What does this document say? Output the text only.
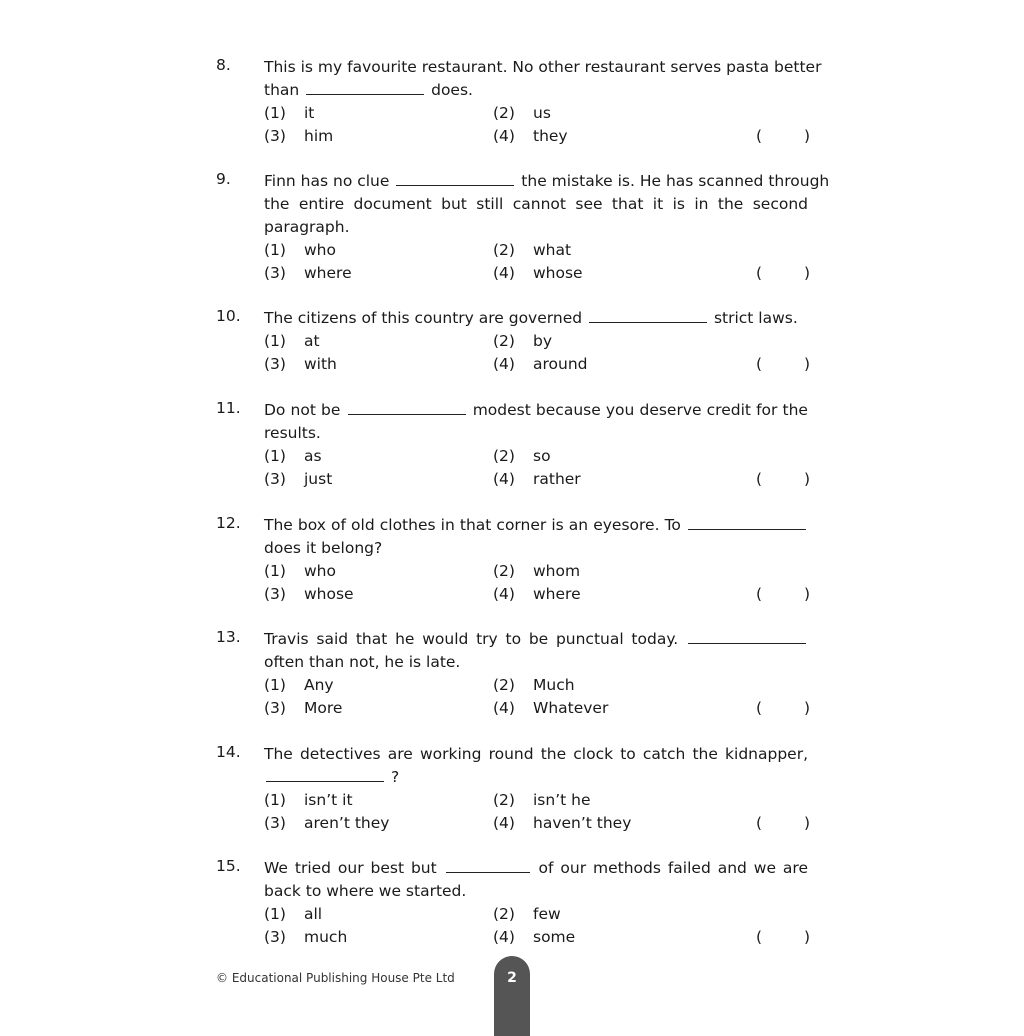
8.	This is my favourite restaurant. No other restaurant serves pasta better
than	does.
(1) it	(2) us
(3) him	(4) they	(	)
9.	Finn has no clue	the mistake is. He has scanned through
the entire document but still cannot see that it is in the second
paragraph.
(1) who	(2) what
(3) where	(4) whose	(	)
10.	The citizens of this country are governed	strict laws.
(1) at	(2) by
(3) with	(4) around	(	)
11.	Do not be	modest because you deserve credit for the
results.
(1) as	(2) so
(3) just	(4) rather	(	)
12.	The box of old clothes in that corner is an eyesore. To
does it belong?
(1) who	(2) whom
(3) whose	(4) where	(	)
13.	Travis said that he would try to be punctual today.
often than not, he is late.
(1) Any	(2) Much
(3) More	(4) Whatever	(	)
14.	The detectives are working round the clock to catch the kidnapper,
?
(1) isn’t it	(2) isn’t he
(3) aren’t they	(4) haven’t they	(	)
15.	We tried our best but	of our methods failed and we are
back to where we started.
(1) all	(2) few
(3) much	(4) some	(	)
© Educational Publishing House Pte Ltd	2
